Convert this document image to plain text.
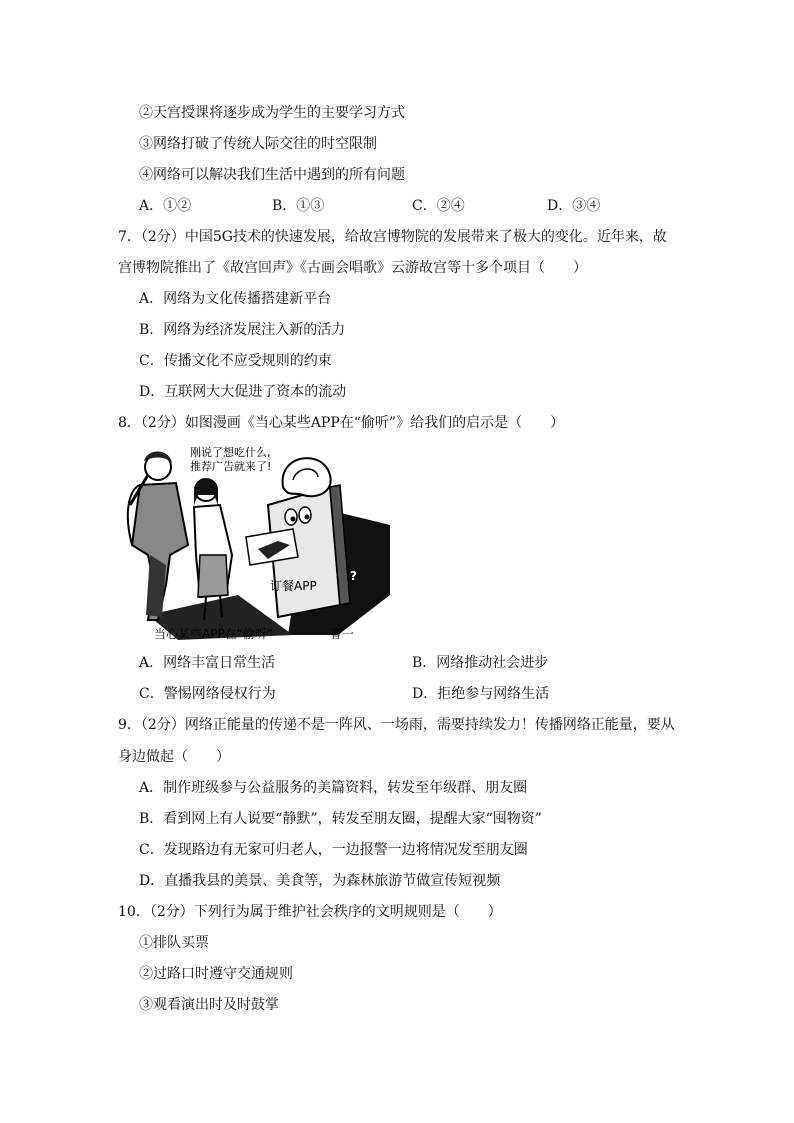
②天宫授课将逐步成为学生的主要学习方式
③网络打破了传统人际交往的时空限制
④网络可以解决我们生活中遇到的所有问题
A．①②	B．①③	C．②④	D．③④
7．（2分）中国5G技术的快速发展，给故宫博物院的发展带来了极大的变化。近年来，故
宫博物院推出了《故宫回声》《古画会唱歌》云游故宫等十多个项目（　　）
A．网络为文化传播搭建新平台
B．网络为经济发展注入新的活力
C．传播文化不应受规则的约束
D．互联网大大促进了资本的流动
8．（2分）如图漫画《当心某些APP在“偷听”》给我们的启示是（　　）
刚说了想吃什么,
推荐广告就来了!
订餐APP
?
当心某些APP在“偷听”	曹一
A．网络丰富日常生活	B．网络推动社会进步
C．警惕网络侵权行为	D．拒绝参与网络生活
9．（2分）网络正能量的传递不是一阵风、一场雨，需要持续发力！传播网络正能量，要从
身边做起（　　）
A．制作班级参与公益服务的美篇资料，转发至年级群、朋友圈
B．看到网上有人说要“静默”，转发至朋友圈，提醒大家“囤物资”
C．发现路边有无家可归老人，一边报警一边将情况发至朋友圈
D．直播我县的美景、美食等，为森林旅游节做宣传短视频
10．（2分）下列行为属于维护社会秩序的文明规则是（　　）
①排队买票
②过路口时遵守交通规则
③观看演出时及时鼓掌
